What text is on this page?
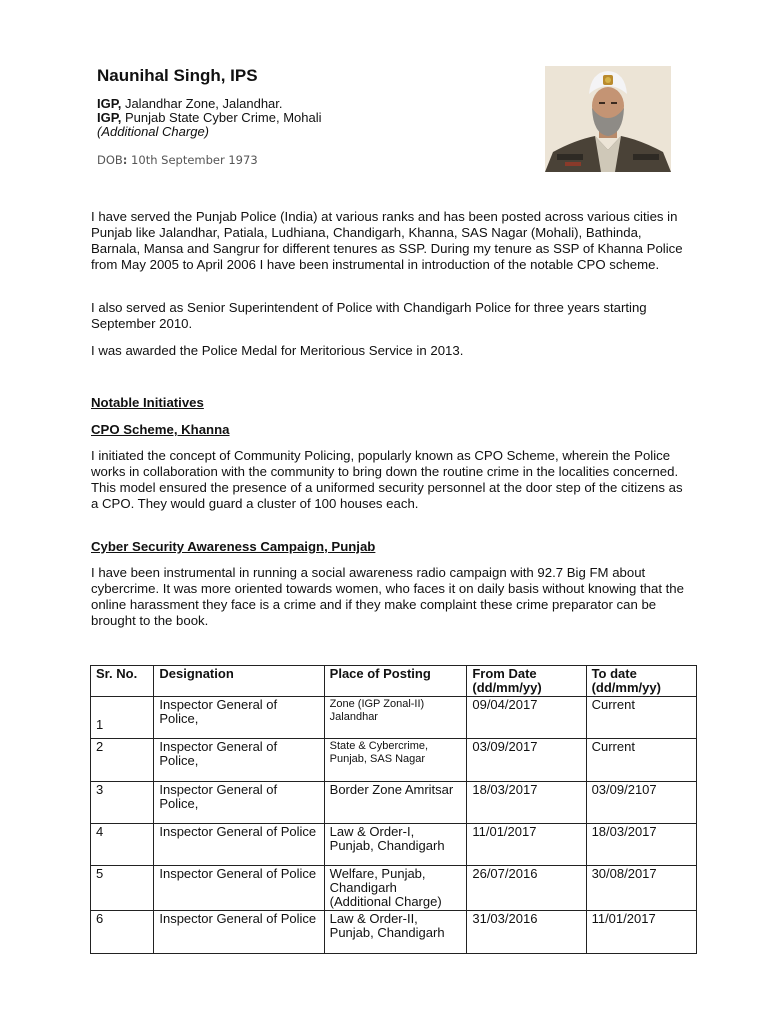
Naunihal Singh, IPS
IGP, Jalandhar Zone, Jalandhar.
IGP, Punjab State Cyber Crime, Mohali
(Additional Charge)
DOB: 10th September 1973

I have served the Punjab Police (India) at various ranks and has been posted across various cities in Punjab like Jalandhar, Patiala, Ludhiana, Chandigarh, Khanna, SAS Nagar (Mohali), Bathinda, Barnala, Mansa and Sangrur for different tenures as SSP. During my tenure as SSP of Khanna Police from May 2005 to April 2006 I have been instrumental in introduction of the notable CPO scheme.

I also served as Senior Superintendent of Police with Chandigarh Police for three years starting September 2010.

I was awarded the Police Medal for Meritorious Service in 2013.

Notable Initiatives
CPO Scheme, Khanna

I initiated the concept of Community Policing, popularly known as CPO Scheme, wherein the Police works in collaboration with the community to bring down the routine crime in the localities concerned. This model ensured the presence of a uniformed security personnel at the door step of the citizens as a CPO. They would guard a cluster of 100 houses each.

Cyber Security Awareness Campaign, Punjab

I have been instrumental in running a social awareness radio campaign with 92.7 Big FM about cybercrime. It was more oriented towards women, who faces it on daily basis without knowing that the online harassment they face is a crime and if they make complaint these crime preparator can be brought to the book.

Sr. No.	Designation	Place of Posting	From Date (dd/mm/yy)	To date (dd/mm/yy)
1	Inspector General of Police,	Zone (IGP Zonal-II) Jalandhar	09/04/2017	Current
2	Inspector General of Police,	State & Cybercrime, Punjab, SAS Nagar	03/09/2017	Current
3	Inspector General of Police,	Border Zone Amritsar	18/03/2017	03/09/2107
4	Inspector General of Police	Law & Order-I, Punjab, Chandigarh	11/01/2017	18/03/2017
5	Inspector General of Police	Welfare, Punjab, Chandigarh (Additional Charge)	26/07/2016	30/08/2017
6	Inspector General of Police	Law & Order-II, Punjab, Chandigarh	31/03/2016	11/01/2017
